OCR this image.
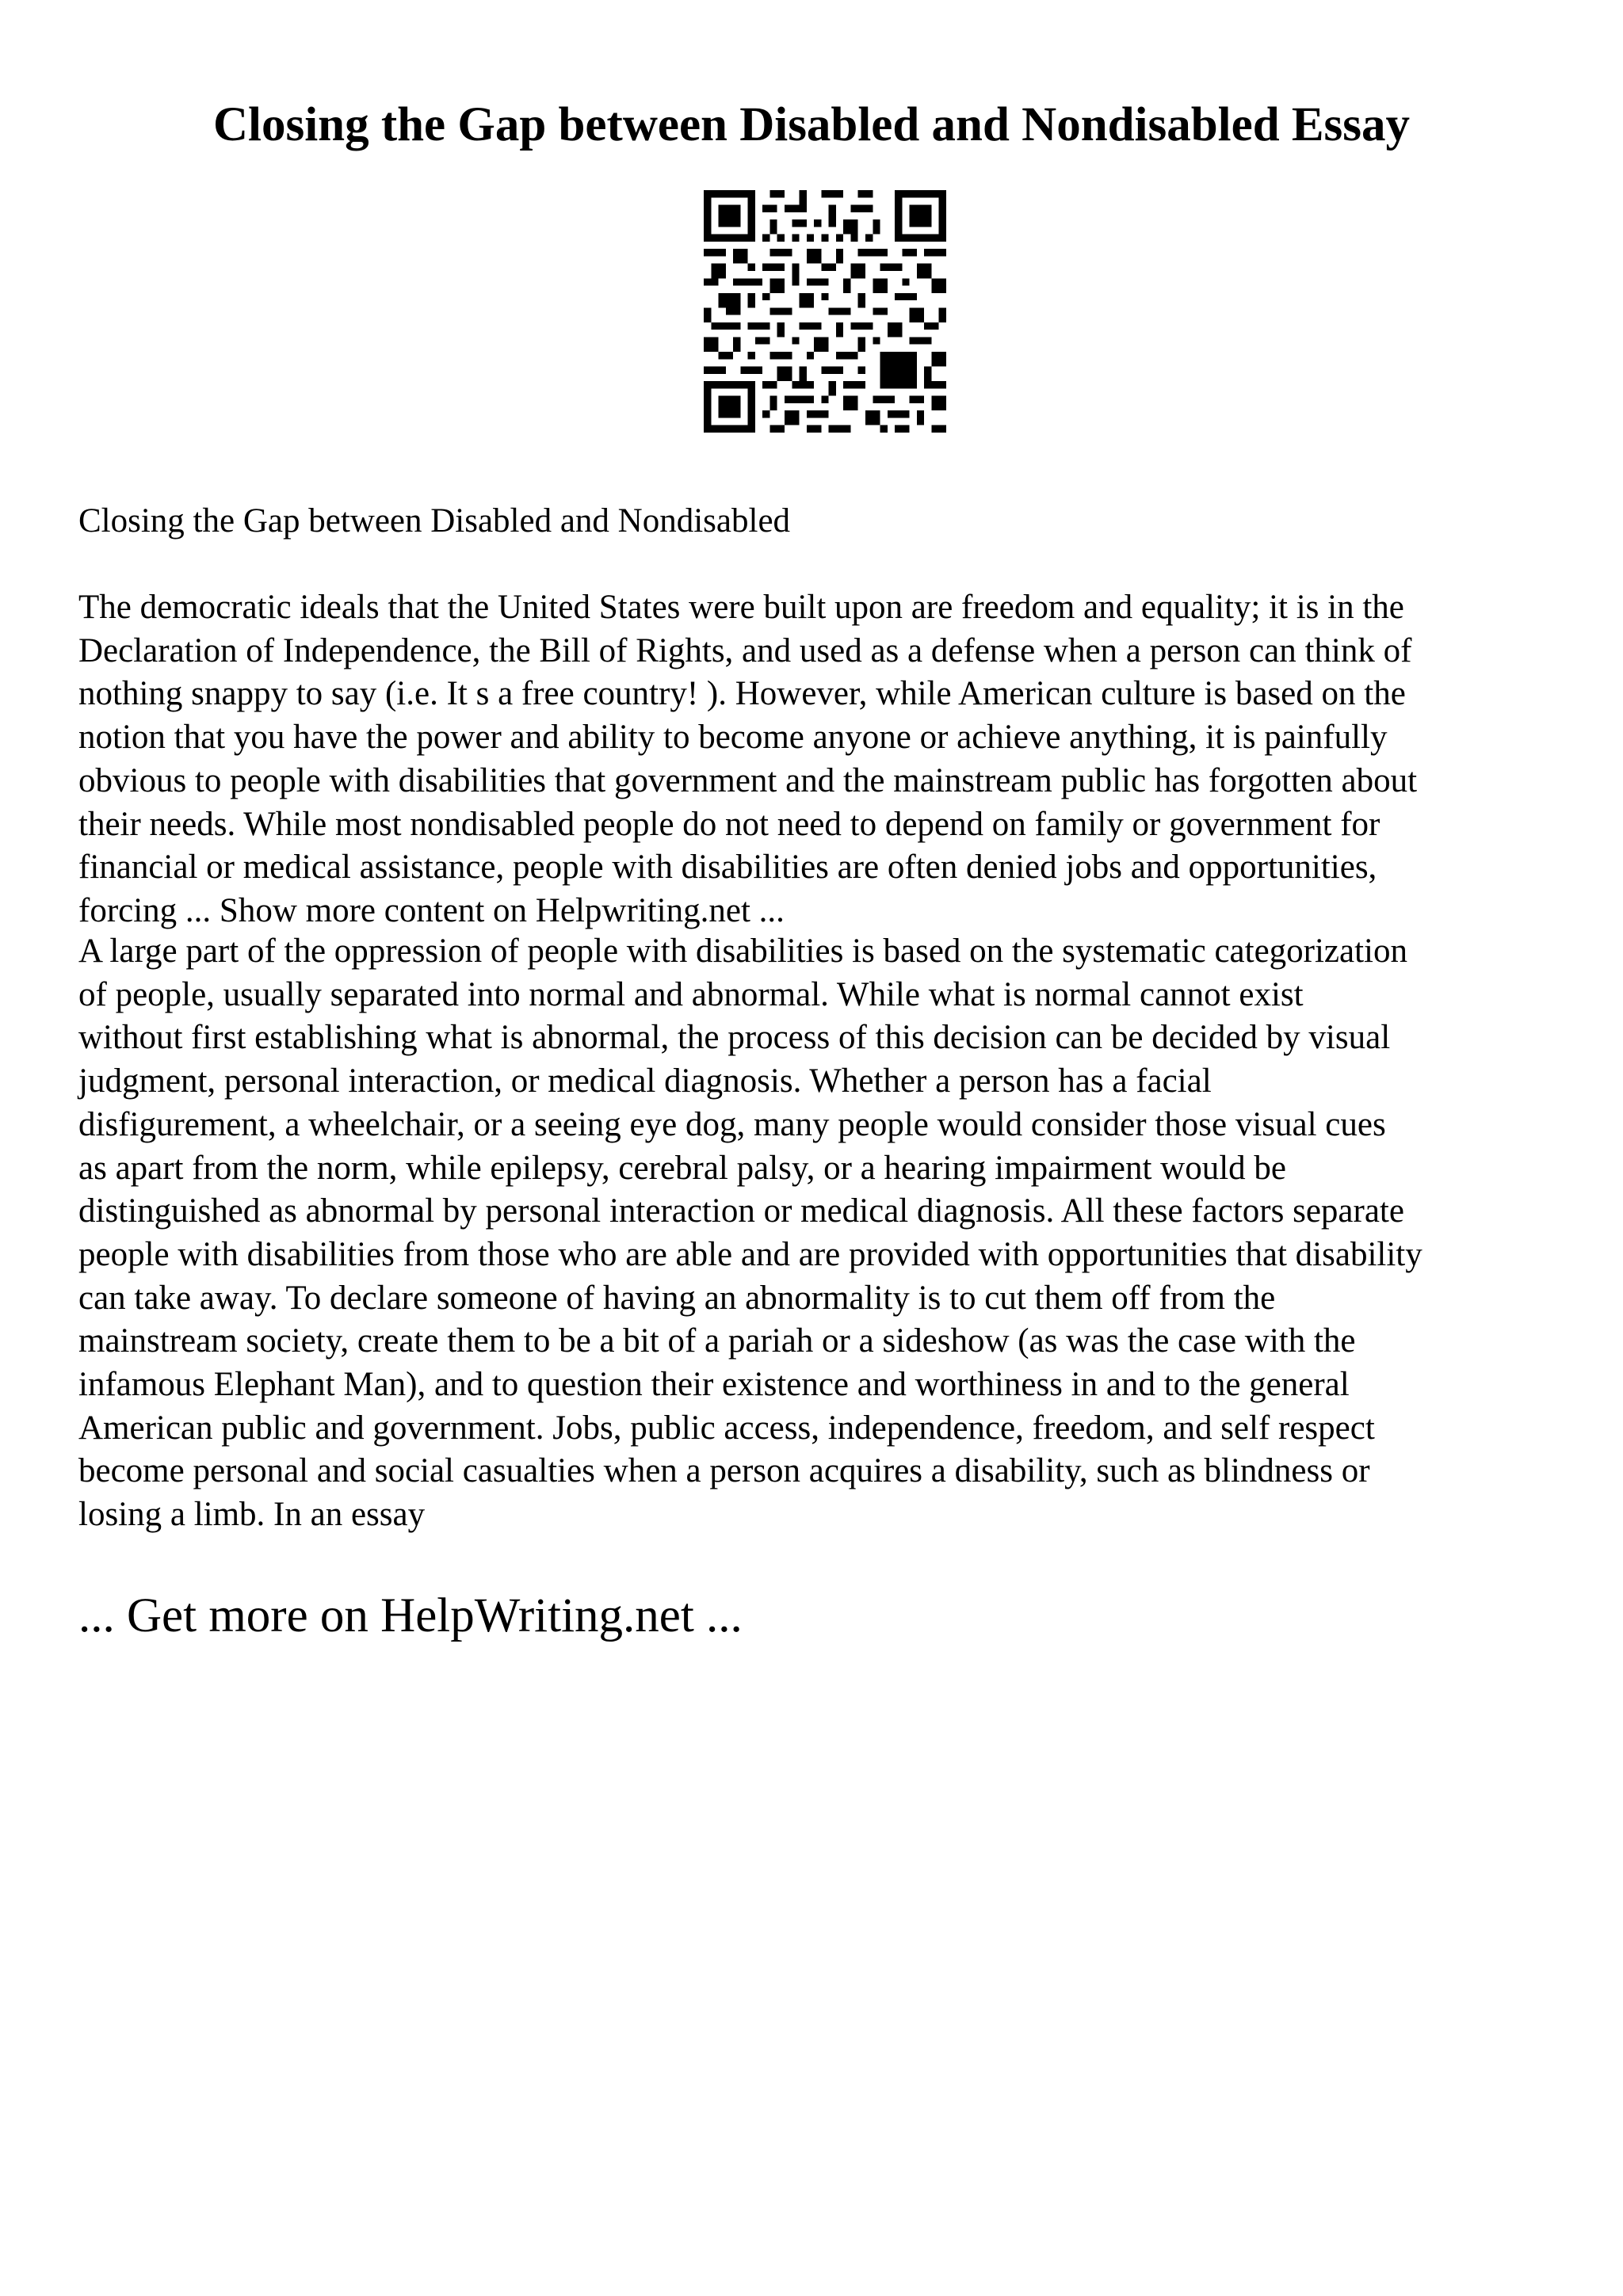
Closing the Gap between Disabled and Nondisabled Essay

Closing the Gap between Disabled and Nondisabled

The democratic ideals that the United States were built upon are freedom and equality; it is in the
Declaration of Independence, the Bill of Rights, and used as a defense when a person can think of
nothing snappy to say (i.e. It s a free country! ). However, while American culture is based on the
notion that you have the power and ability to become anyone or achieve anything, it is painfully
obvious to people with disabilities that government and the mainstream public has forgotten about
their needs. While most nondisabled people do not need to depend on family or government for
financial or medical assistance, people with disabilities are often denied jobs and opportunities,
forcing ... Show more content on Helpwriting.net ...

A large part of the oppression of people with disabilities is based on the systematic categorization
of people, usually separated into normal and abnormal. While what is normal cannot exist
without first establishing what is abnormal, the process of this decision can be decided by visual
judgment, personal interaction, or medical diagnosis. Whether a person has a facial
disfigurement, a wheelchair, or a seeing eye dog, many people would consider those visual cues
as apart from the norm, while epilepsy, cerebral palsy, or a hearing impairment would be
distinguished as abnormal by personal interaction or medical diagnosis. All these factors separate
people with disabilities from those who are able and are provided with opportunities that disability
can take away. To declare someone of having an abnormality is to cut them off from the
mainstream society, create them to be a bit of a pariah or a sideshow (as was the case with the
infamous Elephant Man), and to question their existence and worthiness in and to the general
American public and government. Jobs, public access, independence, freedom, and self respect
become personal and social casualties when a person acquires a disability, such as blindness or
losing a limb. In an essay

... Get more on HelpWriting.net ...
